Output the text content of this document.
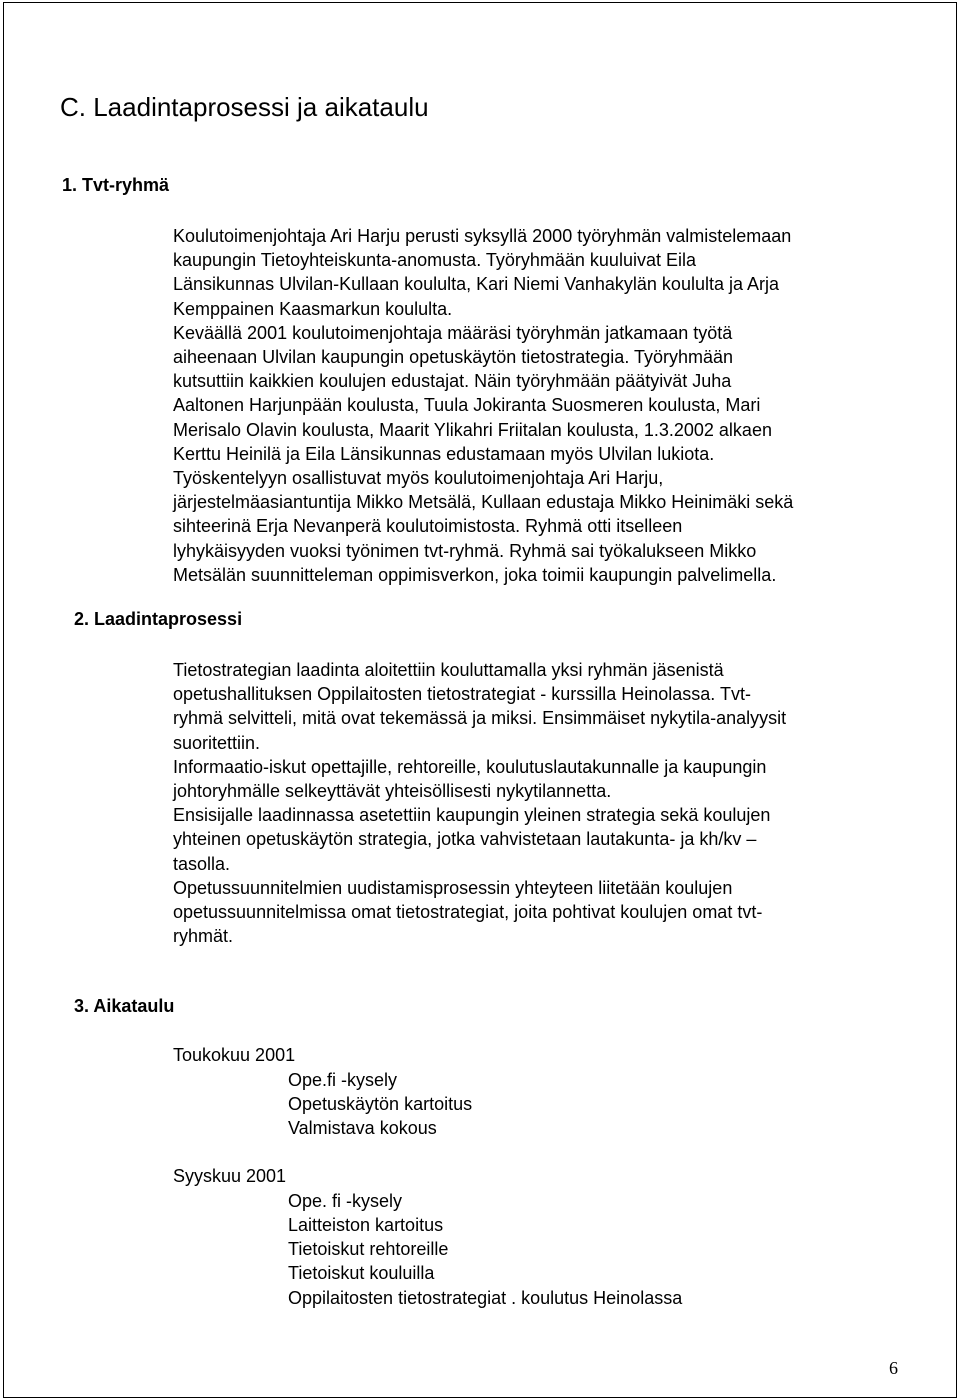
C. Laadintaprosessi ja aikataulu
1. Tvt-ryhmä
Koulutoimenjohtaja Ari Harju perusti syksyllä 2000 työryhmän valmistelemaan
kaupungin Tietoyhteiskunta-anomusta. Työryhmään kuuluivat Eila
Länsikunnas Ulvilan-Kullaan koululta, Kari Niemi Vanhakylän koululta ja Arja
Kemppainen Kaasmarkun koululta.
Keväällä 2001 koulutoimenjohtaja määräsi työryhmän jatkamaan työtä
aiheenaan Ulvilan kaupungin opetuskäytön tietostrategia. Työryhmään
kutsuttiin kaikkien koulujen edustajat. Näin työryhmään päätyivät Juha
Aaltonen Harjunpään koulusta, Tuula Jokiranta Suosmeren koulusta, Mari
Merisalo Olavin koulusta, Maarit Ylikahri Friitalan koulusta, 1.3.2002 alkaen
Kerttu Heinilä ja Eila Länsikunnas edustamaan myös Ulvilan lukiota.
Työskentelyyn osallistuvat myös koulutoimenjohtaja Ari Harju,
järjestelmäasiantuntija Mikko Metsälä, Kullaan edustaja Mikko Heinimäki sekä
sihteerinä Erja Nevanperä koulutoimistosta. Ryhmä otti itselleen
lyhykäisyyden vuoksi työnimen tvt-ryhmä. Ryhmä sai työkalukseen Mikko
Metsälän suunnitteleman oppimisverkon, joka toimii kaupungin palvelimella.
2. Laadintaprosessi
Tietostrategian laadinta aloitettiin kouluttamalla yksi ryhmän jäsenistä
opetushallituksen Oppilaitosten tietostrategiat - kurssilla Heinolassa. Tvt-
ryhmä selvitteli, mitä ovat tekemässä ja miksi. Ensimmäiset nykytila-analyysit
suoritettiin.
Informaatio-iskut opettajille, rehtoreille, koulutuslautakunnalle ja kaupungin
johtoryhmälle selkeyttävät yhteisöllisesti nykytilannetta.
Ensisijalle laadinnassa asetettiin kaupungin yleinen strategia sekä koulujen
yhteinen opetuskäytön strategia, jotka vahvistetaan lautakunta- ja kh/kv –
tasolla.
Opetussuunnitelmien uudistamisprosessin yhteyteen liitetään koulujen
opetussuunnitelmissa omat tietostrategiat, joita pohtivat koulujen omat tvt-
ryhmät.
3. Aikataulu
Toukokuu 2001
Ope.fi -kysely
Opetuskäytön kartoitus
Valmistava kokous
Syyskuu 2001
Ope. fi -kysely
Laitteiston kartoitus
Tietoiskut rehtoreille
Tietoiskut kouluilla
Oppilaitosten tietostrategiat . koulutus Heinolassa
6
